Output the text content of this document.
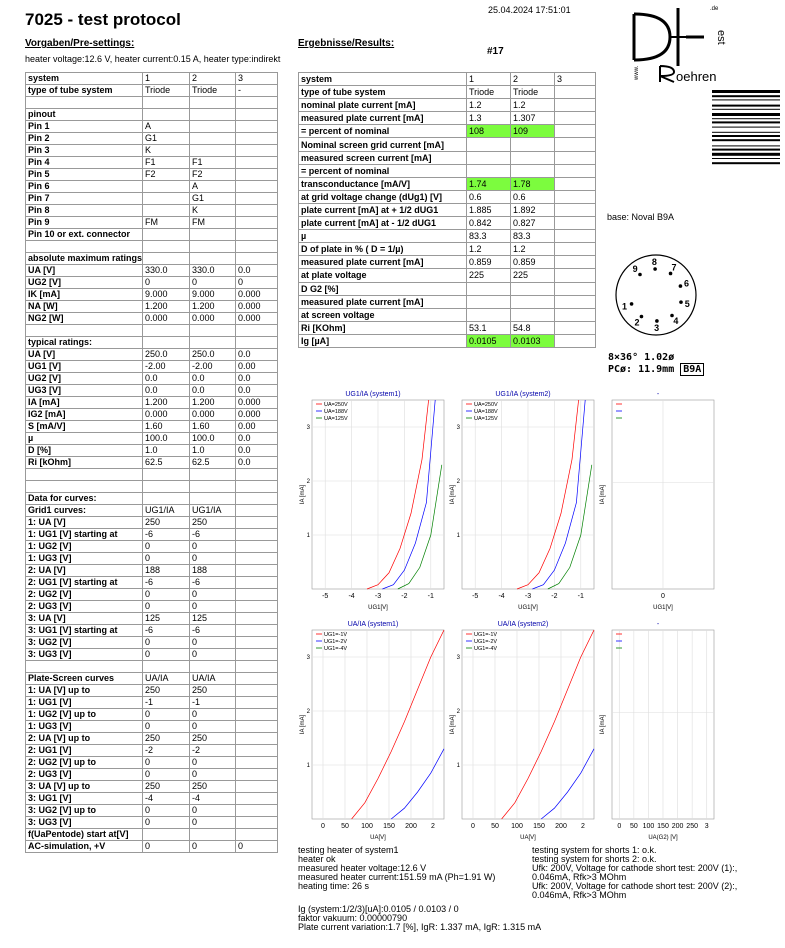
7025 - test protocol	25.04.2024 17:51:01
Vorgaben/Pre-settings:
heater voltage:12.6 V, heater current:0.15 A, heater type:indirekt
Ergebnisse/Results:
#17
system	1	2	3
type of tube system	Triode	Triode	-

pinout			
Pin 1	A		
Pin 2	G1		
Pin 3	K		
Pin 4	F1	F1	
Pin 5	F2	F2	
Pin 6		A	
Pin 7		G1	
Pin 8		K	
Pin 9	FM	FM	
Pin 10 or ext. connector			

absolute maximum ratings			
UA [V]	330.0	330.0	0.0
UG2 [V]	0	0	0
IK [mA]	9.000	9.000	0.000
NA [W]	1.200	1.200	0.000
NG2 [W]	0.000	0.000	0.000

typical ratings:			
UA [V]	250.0	250.0	0.0
UG1 [V]	-2.00	-2.00	0.00
UG2 [V]	0.0	0.0	0.0
UG3 [V]	0.0	0.0	0.0
IA [mA]	1.200	1.200	0.000
IG2 [mA]	0.000	0.000	0.000
S [mA/V]	1.60	1.60	0.00
µ	100.0	100.0	0.0
D [%]	1.0	1.0	0.0
Ri [kOhm]	62.5	62.5	0.0

Data for curves:			
Grid1 curves:	UG1/IA	UG1/IA	
1: UA [V]	250	250	
1: UG1 [V] starting at	-6	-6	
1: UG2 [V]	0	0	
1: UG3 [V]	0	0	
2: UA [V]	188	188	
2: UG1 [V] starting at	-6	-6	
2: UG2 [V]	0	0	
2: UG3 [V]	0	0	
3: UA [V]	125	125	
3: UG1 [V] starting at	-6	-6	
3: UG2 [V]	0	0	
3: UG3 [V]	0	0	

Plate-Screen curves	UA/IA	UA/IA	
1: UA [V] up to	250	250	
1: UG1 [V]	-1	-1	
1: UG2 [V] up to	0	0	
1: UG3 [V]	0	0	
2: UA [V] up to	250	250	
2: UG1 [V]	-2	-2	
2: UG2 [V] up to	0	0	
2: UG3 [V]	0	0	
3: UA [V] up to	250	250	
3: UG1 [V]	-4	-4	
3: UG2 [V] up to	0	0	
3: UG3 [V]	0	0	
f(UaPentode) start at[V]			
AC-simulation, +V	0	0	0
system	1	2	3
type of tube system	Triode	Triode	
nominal plate current [mA]	1.2	1.2	
measured plate current [mA]	1.3	1.307	
= percent of nominal	108	109	
Nominal screen grid current [mA]			
measured screen current [mA]			
= percent of nominal			
transconductance [mA/V]	1.74	1.78	
at grid voltage change (dUg1) [V]	0.6	0.6	
plate current [mA] at + 1/2 dUG1	1.885	1.892	
plate current [mA] at - 1/2 dUG1	0.842	0.827	
µ	83.3	83.3	
D of plate in % ( D = 1/µ)	1.2	1.2	
measured plate current [mA]	0.859	0.859	
at plate voltage	225	225	
D G2 [%]			
measured plate current [mA]			
at screen voltage			
Ri [KOhm]	53.1	54.8	
Ig [µA]	0.0105	0.0103	
www.	oehren
est
.de
base: Noval B9A
1
2
3
4
5
6
7
8
9
8×36° 1.02ø
PCø: 11.9mm B9A
UG1/IA (system1)
IA [mA]
UG1[V]
-5	-4	-3	-2	-1
1
2
3
UA=250V
UA=188V
UA=125V
UG1/IA (system2)
IA [mA]
UG1[V]
-5	-4	-3	-2	-1
1
2
3
UA=250V
UA=188V
UA=125V
-
IA [mA]
UG1[V]
0
UA/IA (system1)
IA [mA]
UA[V]
0 50 100 150 200 2
1
2
3
UG1=-1V
UG1=-2V
UG1=-4V
UA/IA (system2)
IA [mA]
UA[V]
0 50 100 150 200 2
1
2
3
UG1=-1V
UG1=-2V
UG1=-4V
-
IA [mA]
UA(G2) [V]
0 50 100 150 200 250 3
testing heater of system1
heater ok
measured heater voltage:12.6 V
measured heater current:151.59 mA (Ph=1.91 W)
heating time: 26 s
testing system for shorts 1: o.k.
testing system for shorts 2: o.k.
Ufk: 200V, Voltage for cathode short test: 200V (1):,
0.046mA, Rfk>3 MOhm
Ufk: 200V, Voltage for cathode short test: 200V (2):,
0.046mA, Rfk>3 MOhm
Ig (system:1/2/3)[uA]:0.0105 / 0.0103 / 0
faktor vakuum: 0.00000790
Plate current variation:1.7 [%], IgR: 1.337 mA, IgR: 1.315 mA
